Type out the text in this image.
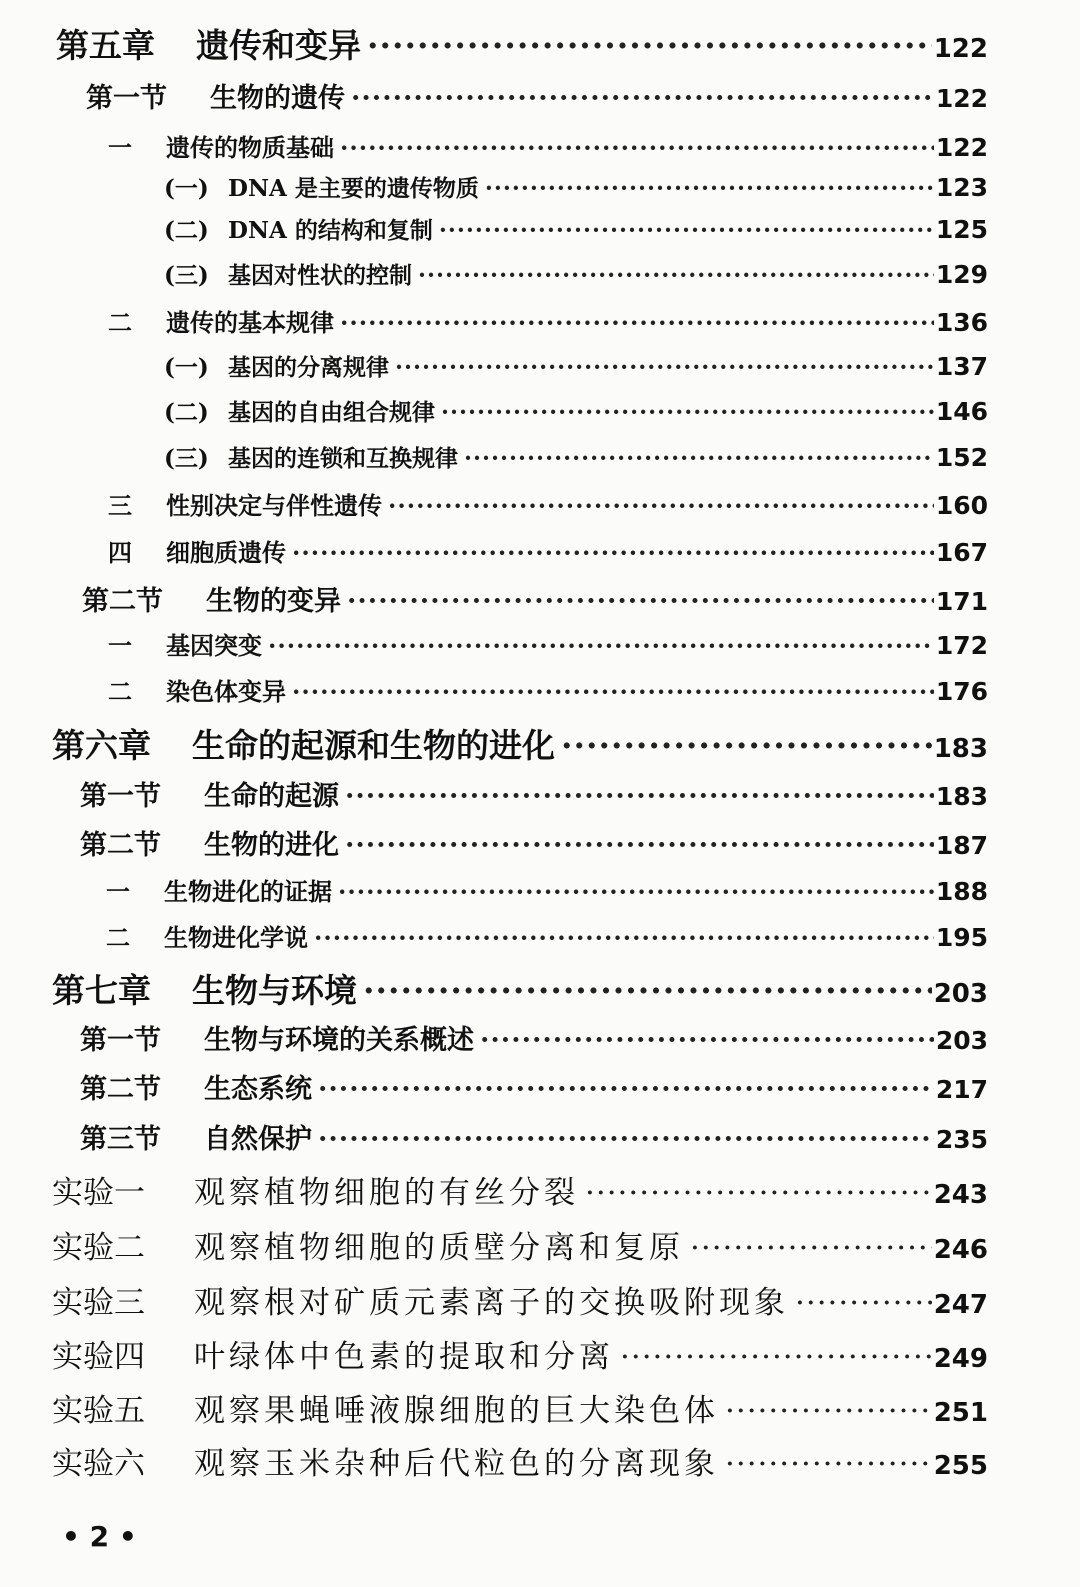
第五章	遗传和变异 ·····	122
第一节	生物的遗传 ·····	122
一	遗传的物质基础 ·····	122
(一) DNA 是主要的遗传物质 ·····	123
(二) DNA 的结构和复制 ·····	125
(三) 基因对性状的控制 ·····	129
二	遗传的基本规律 ·····	136
(一) 基因的分离规律 ·····	137
(二) 基因的自由组合规律 ·····	146
(三) 基因的连锁和互换规律 ·····	152
三	性别决定与伴性遗传 ·····	160
四	细胞质遗传 ·····	167
第二节	生物的变异 ·····	171
一	基因突变 ·····	172
二	染色体变异 ·····	176
第六章	生命的起源和生物的进化 ·····	183
第一节	生命的起源 ·····	183
第二节	生物的进化 ·····	187
一	生物进化的证据 ·····	188
二	生物进化学说 ·····	195
第七章	生物与环境 ·····	203
第一节	生物与环境的关系概述 ·····	203
第二节	生态系统 ·····	217
第三节	自然保护 ·····	235
实验一	观察植物细胞的有丝分裂 ·····	243
实验二	观察植物细胞的质壁分离和复原 ·····	246
实验三	观察根对矿质元素离子的交换吸附现象 ·····	247
实验四	叶绿体中色素的提取和分离 ·····	249
实验五	观察果蝇唾液腺细胞的巨大染色体 ·····	251
实验六	观察玉米杂种后代粒色的分离现象 ·····	255
• 2 •
